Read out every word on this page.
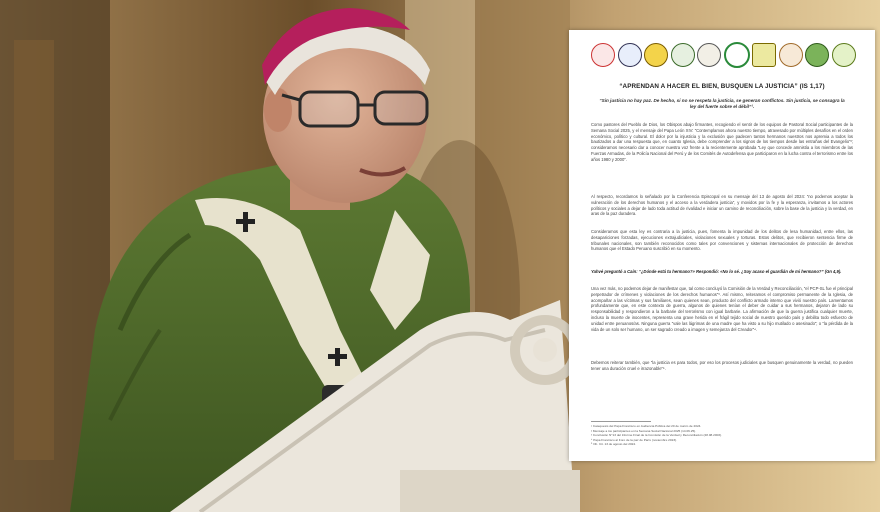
“APRENDAN A HACER EL BIEN, BUSQUEN LA JUSTICIA” (IS 1,17)
“Sin justicia no hay paz. De hecho, si no se respeta la justicia, se generan conflictos. Sin justicia, se consagra la ley del fuerte sobre el débil”¹.
Como pastores del Pueblo de Dios, los Obispos abajo firmantes, recogiendo el sentir de los equipos de Pastoral Social participantes de la Semana Social 2025, y el mensaje del Papa León XIV: “Contemplamos ahora nuestro tiempo, atravesado por múltiples desafíos en el orden económico, político y cultural. El dolor por la injusticia y la exclusión que padecen tantos hermanos nuestros nos apremia a todos los bautizados a dar una respuesta que, en cuanto Iglesia, debe comprender a los signos de los tiempos desde las entrañas del Evangelio”²; consideramos necesario dar a conocer nuestra voz frente a la recientemente aprobada “Ley que concede amnistía a los miembros de las Fuerzas Armadas, de la Policía Nacional del Perú y de los Comités de Autodefensa que participaron en la lucha contra el terrorismo entre los años 1980 y 2000”.
Al respecto, recordamos lo señalado por la Conferencia Episcopal en su mensaje del 13 de agosto del 2024: “no podemos aceptar la vulneración de los derechos humanos y el acceso a la verdadera justicia”, y movidos por la fe y la esperanza, invitamos a los actores políticos y sociales a dejar de lado toda actitud de rivalidad e iniciar un camino de reconciliación, sobre la base de la justicia y la verdad, en aras de la paz duradera.
Consideramos que esta ley es contraria a la justicia, pues, fomenta la impunidad de los delitos de lesa humanidad, entre ellos, las desapariciones forzadas, ejecuciones extrajudiciales, violaciones sexuales y torturas. Estos delitos, que recibieron sentencia firme de tribunales nacionales, son también reconocidos como tales por convenciones y sistemas internacionales de protección de derechos humanos que el Estado Peruano suscribió en su momento.
Yahvé preguntó a Caín: “¿Dónde está tu hermano?» Respondió: «No lo sé. ¿Soy acaso el guardián de mi hermano?” (Gn 4,9).
Una vez más, no podemos dejar de manifestar que, tal como concluyó la Comisión de la Verdad y Reconciliación, “el PCP-SL fue el principal perpetrador de crímenes y violaciones de los derechos humanos”³. Así mismo, reiteramos el compromiso permanente de la Iglesia, de acompañar a las víctimas y sus familiares, sean quienes sean, producto del conflicto armado interno que vivió nuestro país. Lamentamos profundamente que, en este contexto de guerra, algunos de quienes tenían el deber de cuidar a sus hermanos, dejaron de lado su responsabilidad y respondieron a la barbarie del terrorismo con igual barbarie. La afirmación de que la guerra justifica cualquier muerte, incluso la muerte de inocentes, representa una grave herida en el frágil tejido social de nuestro querido país y debilita todo esfuerzo de unidad entre peruanos/as. Ninguna guerra “vale las lágrimas de una madre que ha visto a su hijo mutilado o asesinado”; o “la pérdida de la vida de un solo ser humano, un ser sagrado creado a imagen y semejanza del Creador”⁴.
Debemos reiterar también, que “la justicia es para todos, por eso los procesos judiciales que busquen genuinamente la verdad, no pueden tener una duración cruel e irrazonable”⁵.
¹ Catequesis del Papa Francisco en Audiencia Pública del 20 de marzo de 2024.
² Mensaje a los participantes en la Semana Social Nacional 2025 (14.06.25).
³ Conclusión N°13 del Informe Final de la Comisión de la Verdad y Reconciliación (28.08.2003).
⁴ Papa Francisco al Foro de la paz de París (noviembre 2023).
⁵ Ob. Cit. 13 de agosto del 2024.
